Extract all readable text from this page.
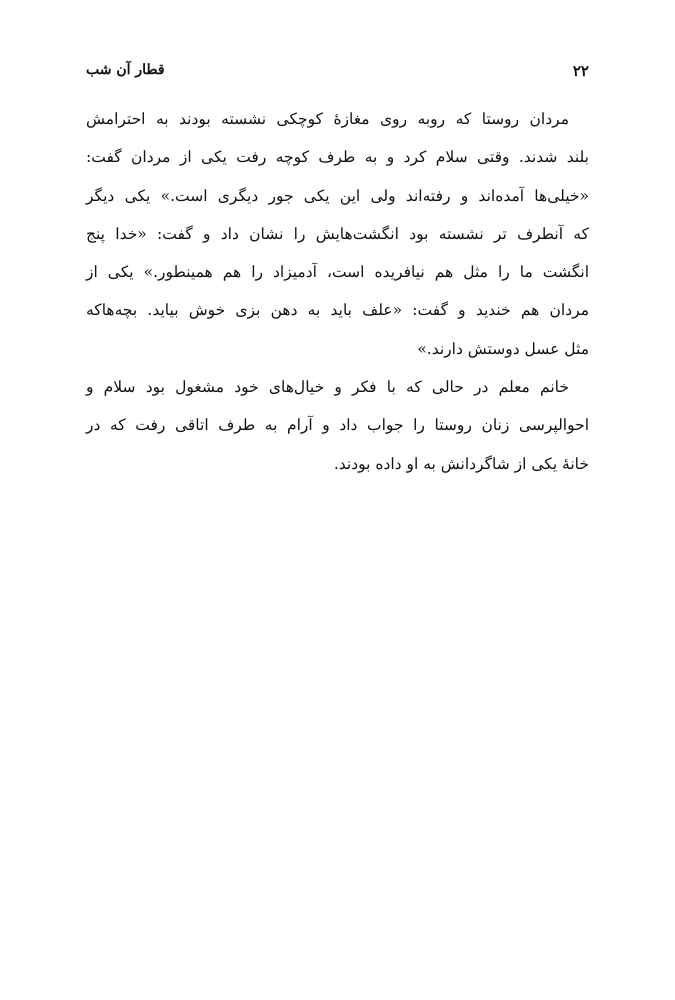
۲۲
قطار آن شب

مردان روستا که روبه روی مغازهٔ کوچکی نشسته بودند به احترامش
بلند شدند. وقتی سلام کرد و به طرف کوچه رفت یکی از مردان گفت:
«خیلی‌ها آمده‌اند و رفته‌اند ولی این یکی جور دیگری است.» یکی دیگر
که آنطرف تر نشسته بود انگشت‌هایش را نشان داد و گفت: «خدا پنج
انگشت ما را مثل هم نیافریده است، آدمیزاد را هم همینطور.» یکی از
مردان هم خندید و گفت: «علف باید به دهن بزی خوش بیاید. بچه‌هاکه
مثل عسل دوستش دارند.»

خانم معلم در حالی که با فکر و خیال‌های خود مشغول بود سلام و
احوالپرسی زنان روستا را جواب داد و آرام به طرف اتاقی رفت که در
خانهٔ یکی از شاگردانش به او داده بودند.
